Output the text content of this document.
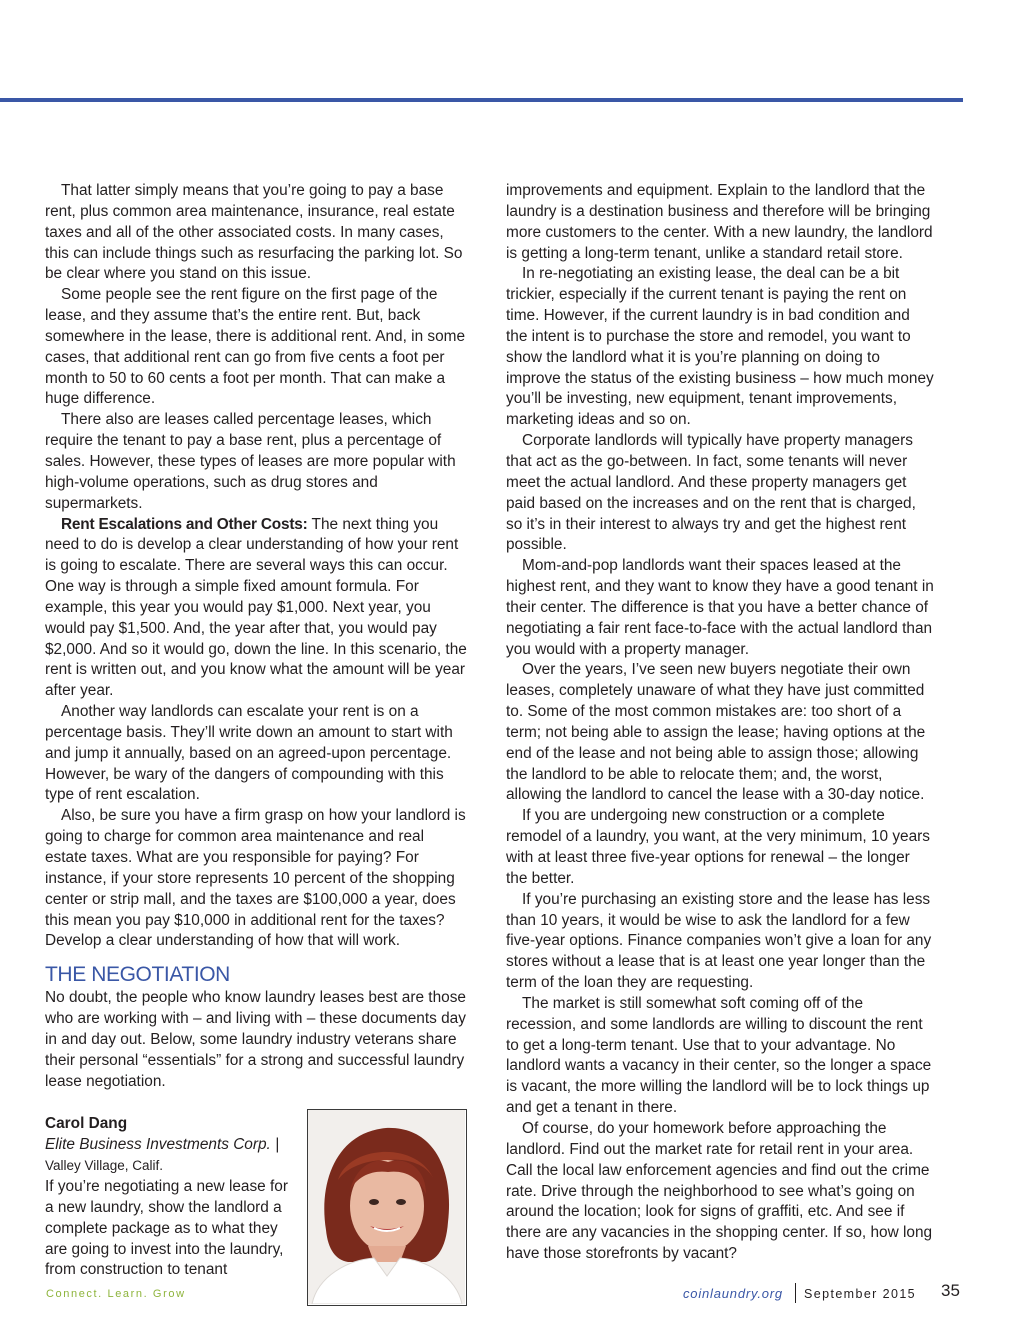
That latter simply means that you’re going to pay a base rent, plus common area maintenance, insurance, real estate taxes and all of the other associated costs. In many cases, this can include things such as resurfacing the parking lot. So be clear where you stand on this issue.

Some people see the rent figure on the first page of the lease, and they assume that’s the entire rent. But, back somewhere in the lease, there is additional rent. And, in some cases, that additional rent can go from five cents a foot per month to 50 to 60 cents a foot per month. That can make a huge difference.

There also are leases called percentage leases, which require the tenant to pay a base rent, plus a percentage of sales. However, these types of leases are more popular with high-volume operations, such as drug stores and supermarkets.

Rent Escalations and Other Costs: The next thing you need to do is develop a clear understanding of how your rent is going to escalate. There are several ways this can occur. One way is through a simple fixed amount formula. For example, this year you would pay $1,000. Next year, you would pay $1,500. And, the year after that, you would pay $2,000. And so it would go, down the line. In this scenario, the rent is written out, and you know what the amount will be year after year.

Another way landlords can escalate your rent is on a percentage basis. They’ll write down an amount to start with and jump it annually, based on an agreed-upon percentage. However, be wary of the dangers of compounding with this type of rent escalation.

Also, be sure you have a firm grasp on how your landlord is going to charge for common area maintenance and real estate taxes. What are you responsible for paying? For instance, if your store represents 10 percent of the shopping center or strip mall, and the taxes are $100,000 a year, does this mean you pay $10,000 in additional rent for the taxes? Develop a clear understanding of how that will work.

THE NEGOTIATION

No doubt, the people who know laundry leases best are those who are working with – and living with – these documents day in and day out. Below, some laundry industry veterans share their personal “essentials” for a strong and successful laundry lease negotiation.

Carol Dang

Elite Business Investments Corp. |

Valley Village, Calif.

If you’re negotiating a new lease for a new laundry, show the landlord a complete package as to what they are going to invest into the laundry, from construction to tenant

improvements and equipment. Explain to the landlord that the laundry is a destination business and therefore will be bringing more customers to the center. With a new laundry, the landlord is getting a long-term tenant, unlike a standard retail store.

In re-negotiating an existing lease, the deal can be a bit trickier, especially if the current tenant is paying the rent on time. However, if the current laundry is in bad condition and the intent is to purchase the store and remodel, you want to show the landlord what it is you’re planning on doing to improve the status of the existing business – how much money you’ll be investing, new equipment, tenant improvements, marketing ideas and so on.

Corporate landlords will typically have property managers that act as the go-between. In fact, some tenants will never meet the actual landlord. And these property managers get paid based on the increases and on the rent that is charged, so it’s in their interest to always try and get the highest rent possible.

Mom-and-pop landlords want their spaces leased at the highest rent, and they want to know they have a good tenant in their center. The difference is that you have a better chance of negotiating a fair rent face-to-face with the actual landlord than you would with a property manager.

Over the years, I’ve seen new buyers negotiate their own leases, completely unaware of what they have just committed to. Some of the most common mistakes are: too short of a term; not being able to assign the lease; having options at the end of the lease and not being able to assign those; allowing the landlord to be able to relocate them; and, the worst, allowing the landlord to cancel the lease with a 30-day notice.

If you are undergoing new construction or a complete remodel of a laundry, you want, at the very minimum, 10 years with at least three five-year options for renewal – the longer the better.

If you’re purchasing an existing store and the lease has less than 10 years, it would be wise to ask the landlord for a few five-year options. Finance companies won’t give a loan for any stores without a lease that is at least one year longer than the term of the loan they are requesting.

The market is still somewhat soft coming off of the recession, and some landlords are willing to discount the rent to get a long-term tenant. Use that to your advantage. No landlord wants a vacancy in their center, so the longer a space is vacant, the more willing the landlord will be to lock things up and get a tenant in there.

Of course, do your homework before approaching the landlord. Find out the market rate for retail rent in your area. Call the local law enforcement agencies and find out the crime rate. Drive through the neighborhood to see what’s going on around the location; look for signs of graffiti, etc. And see if there are any vacancies in the shopping center. If so, how long have those storefronts by vacant?

Connect. Learn. Grow	coinlaundry.org September 2015 35
